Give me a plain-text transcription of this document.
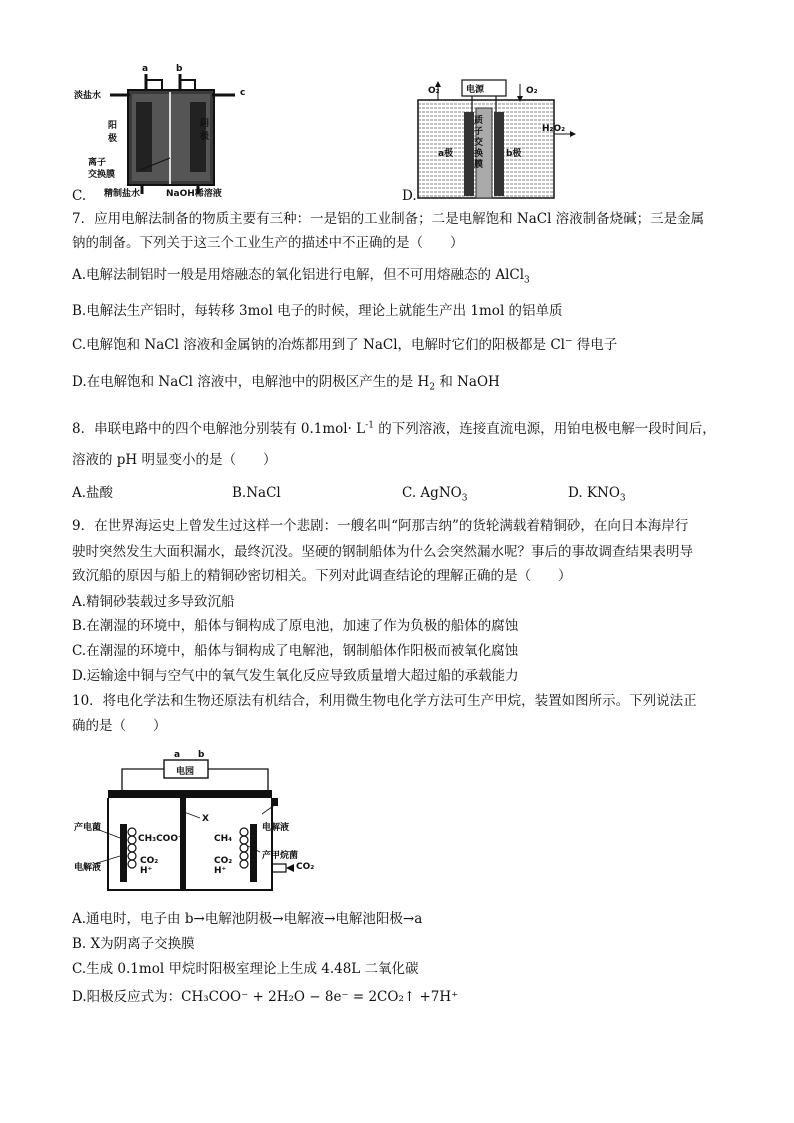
淡盐水
a	b
c
阳
极
阴
极
离子
交换膜
精制盐水	NaOH稀溶液
C.
O₂	电源	O₂
H₂O₂
a极	b极
质子交换膜
D.
7．应用电解法制备的物质主要有三种：一是铝的工业制备；二是电解饱和 NaCl 溶液制备烧碱；三是金属
钠的制备。下列关于这三个工业生产的描述中不正确的是（　　）
A.电解法制铝时一般是用熔融态的氧化铝进行电解，但不可用熔融态的 AlCl$_3$
B.电解法生产铝时，每转移 3mol 电子的时候，理论上就能生产出 1mol 的铝单质
C.电解饱和 NaCl 溶液和金属钠的冶炼都用到了 NaCl，电解时它们的阳极都是 Cl− 得电子
D.在电解饱和 NaCl 溶液中，电解池中的阴极区产生的是 $H_2$ 和 NaOH
8．串联电路中的四个电解池分别装有 $0.1mol\cdot L^{-1}$ 的下列溶液，连接直流电源，用铂电极电解一段时间后，
溶液的 pH 明显变小的是（　　）
A.盐酸	B.NaCl	C. AgNO$_3$	D. $KNO_3$
9．在世界海运史上曾发生过这样一个悲剧：一艘名叫“阿那吉纳”的货轮满载着精铜砂，在向日本海岸行
驶时突然发生大面积漏水，最终沉没。坚硬的钢制船体为什么会突然漏水呢？事后的事故调查结果表明导
致沉船的原因与船上的精铜砂密切相关。下列对此调查结论的理解正确的是（　　）
A.精铜砂装载过多导致沉船
B.在潮湿的环境中，船体与铜构成了原电池，加速了作为负极的船体的腐蚀
C.在潮湿的环境中，船体与铜构成了电解池，钢制船体作阳极而被氧化腐蚀
D.运输途中铜与空气中的氧气发生氧化反应导致质量增大超过船的承载能力
10．将电化学法和生物还原法有机结合，利用微生物电化学方法可生产甲烷，装置如图所示。下列说法正
确的是（　　）
a b
电园
X
产电菌
电解液
电解液
产甲烷菌
CH₃COO⁻
CO₂
H⁺
CH₄
CO₂
H⁺	CO₂
A.通电时，电子由 b→电解池阴极→电解液→电解池阳极→a
B. X为阴离子交换膜
C.生成 0.1mol 甲烷时阳极室理论上生成 4.48L 二氧化碳
D.阳极反应式为：CH₃COO⁻ + 2H₂O − 8e⁻ = 2CO₂↑ +7H⁺
